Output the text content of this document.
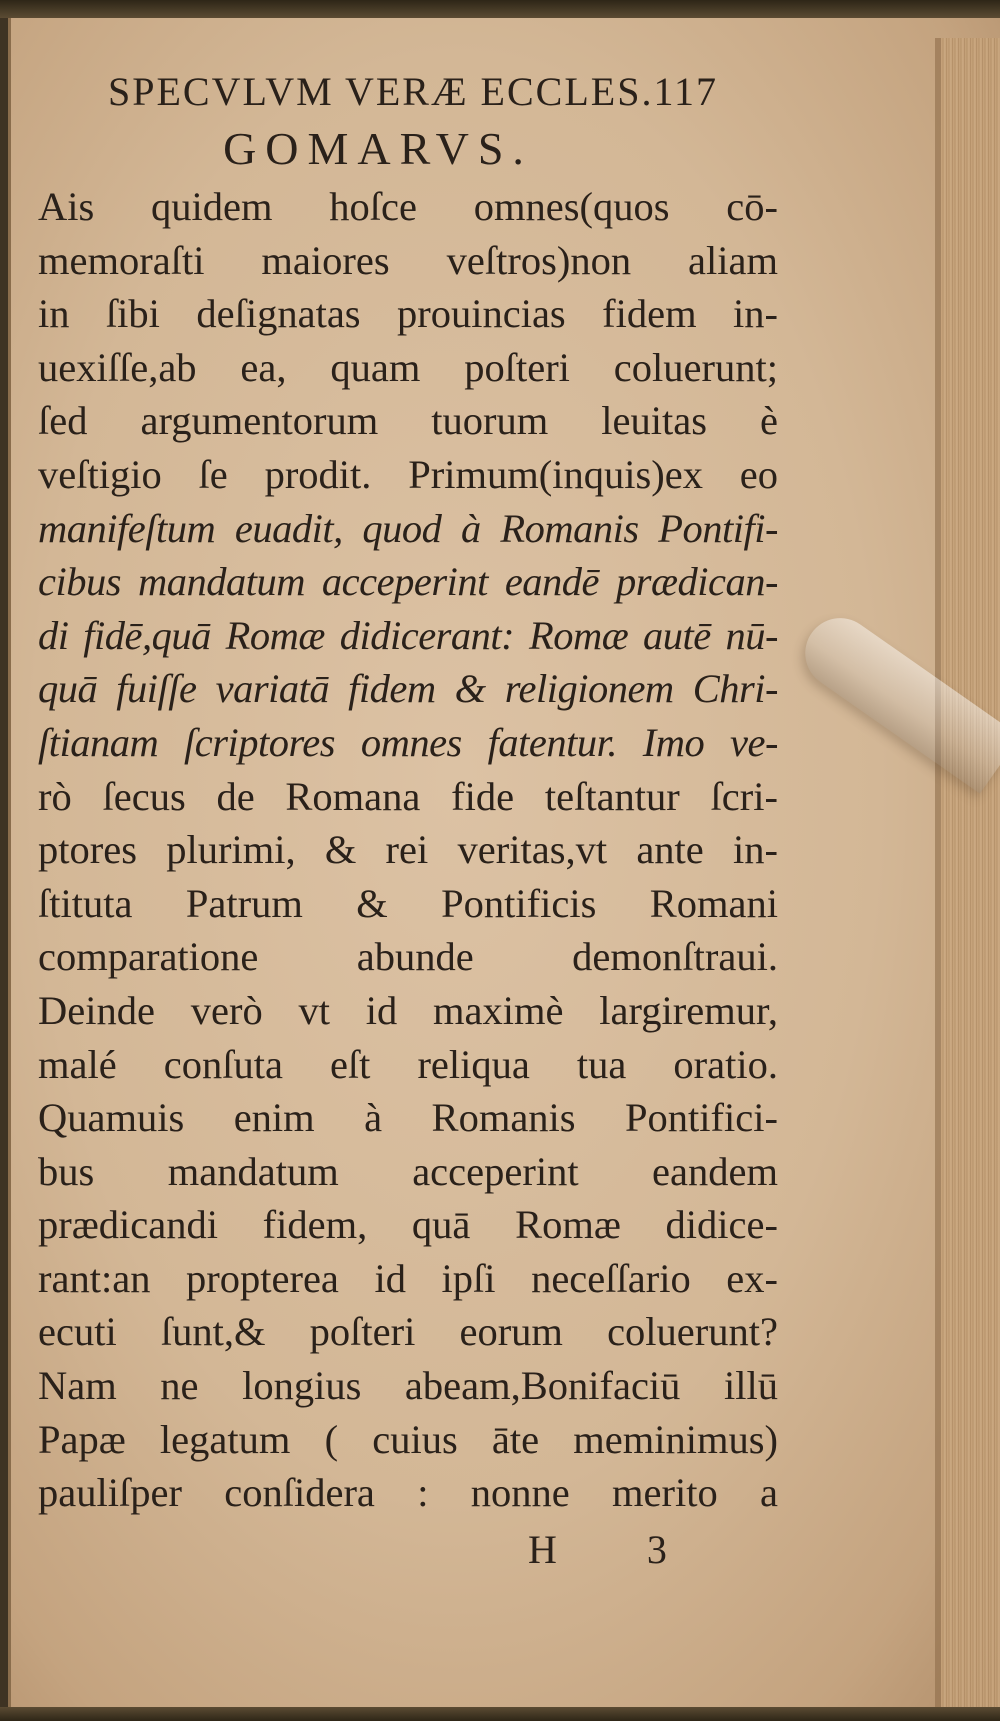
SPECVLVM VERÆ ECCLES.117
GOMARVS.
Ais quidem hoſce omnes(quos cō-
memoraſti maiores veſtros)non aliam
in ſibi deſignatas prouincias fidem in-
uexiſſe,ab ea, quam poſteri coluerunt;
ſed argumentorum tuorum leuitas è
veſtigio ſe prodit. Primum(inquis)ex eo
manifeſtum euadit, quod à Romanis Pontifi-
cibus mandatum acceperint eandē prædican-
di fidē,quā Romæ didicerant: Romæ autē nū-
quā fuiſſe variatā fidem & religionem Chri-
ſtianam ſcriptores omnes fatentur. Imo ve-
rò ſecus de Romana fide teſtantur ſcri-
ptores plurimi, & rei veritas,vt ante in-
ſtituta Patrum & Pontificis Romani
comparatione abunde demonſtraui.
Deinde verò vt id maximè largiremur,
malé conſuta eſt reliqua tua oratio.
Quamuis enim à Romanis Pontifici-
bus mandatum acceperint eandem
prædicandi fidem, quā Romæ didice-
rant:an propterea id ipſi neceſſario ex-
ecuti ſunt,& poſteri eorum coluerunt?
Nam ne longius abeam,Bonifaciū illū
Papæ legatum ( cuius āte meminimus)
pauliſper conſidera : nonne merito a
H 3
